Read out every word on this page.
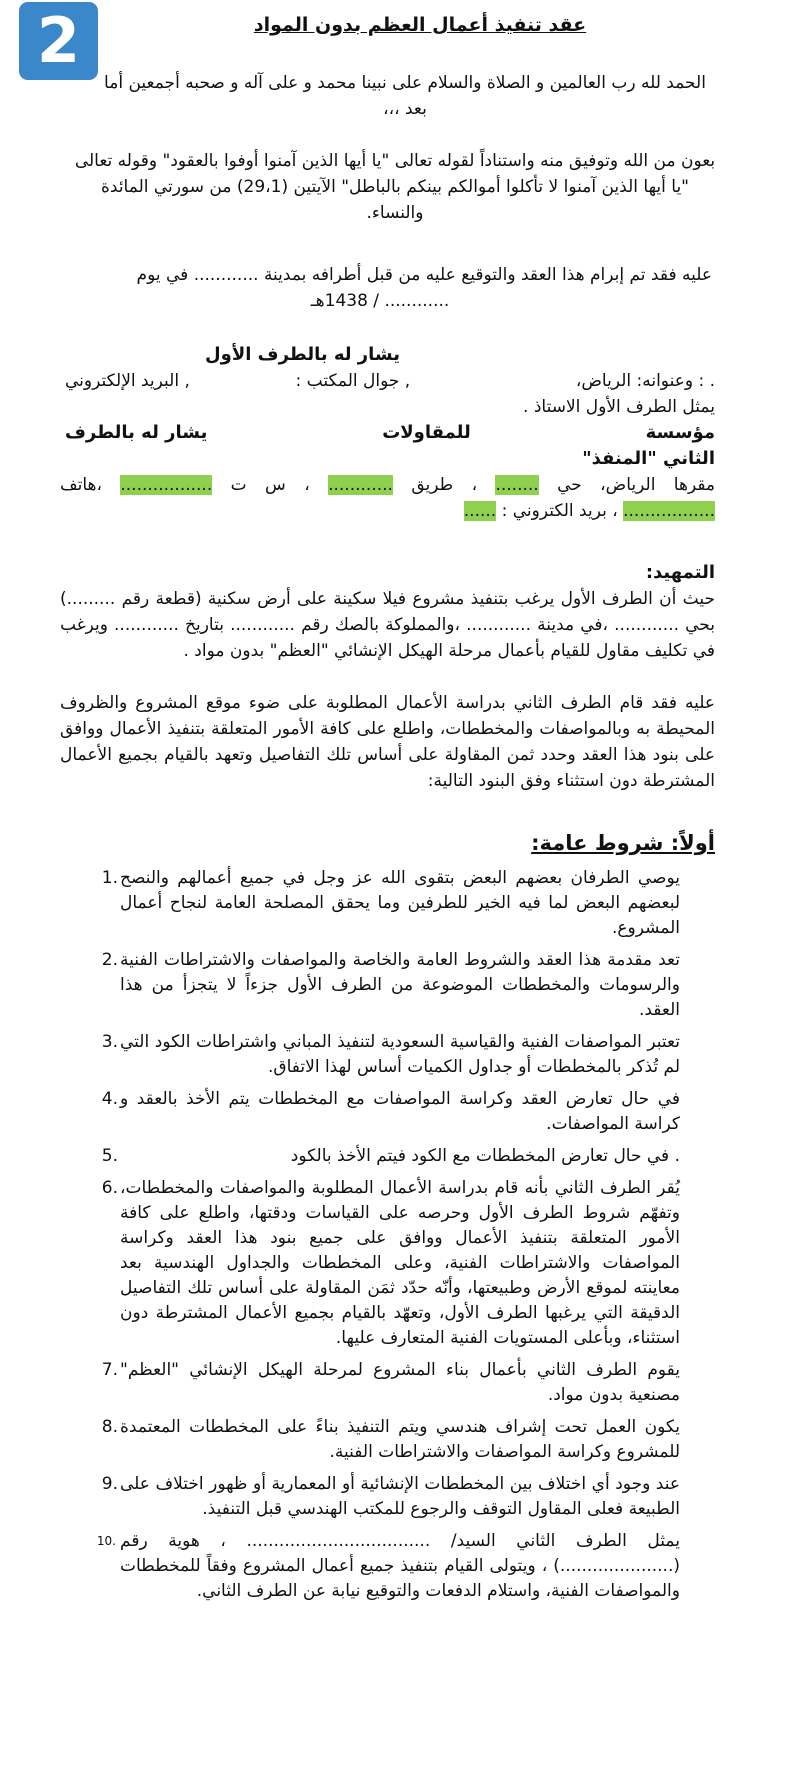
2	عقد تنفيذ أعمال العظم بدون المواد
الحمد لله رب العالمين و الصلاة والسلام على نبينا محمد و على آله و صحبه أجمعين أما بعد ،،،
بعون من الله وتوفيق منه واستناداً لقوله تعالى "يا أيها الذين آمنوا أوفوا بالعقود" وقوله تعالى "يا أيها الذين آمنوا لا تأكلوا أموالكم بينكم بالباطل" الآيتين (29،1) من سورتي المائدة والنساء.
عليه فقد تم إبرام هذا العقد والتوقيع عليه من قبل أطرافه بمدينة ............ في يوم
............ / 1438هـ
يشار له بالطرف الأول
. : وعنوانه: الرياض،
, جوال المكتب :
, البريد الإلكتروني
يمثل الطرف الأول الاستاذ .
مؤسسة
للمقاولات
يشار له بالطرف
الثاني "المنفذ"
مقرها الرياض، حي ........ ، طريق ............ ، س ت ................. ،هاتف
................. ، بريد الكتروني : ......
التمهيد:
حيث أن الطرف الأول يرغب بتنفيذ مشروع فيلا سكينة على أرض سكنية (قطعة رقم .........) بحي ............ ،في مدينة ............ ،والمملوكة بالصك رقم ............ بتاريخ ............ ويرغب في تكليف مقاول للقيام بأعمال مرحلة الهيكل الإنشائي "العظم" بدون مواد .
عليه فقد قام الطرف الثاني بدراسة الأعمال المطلوبة على ضوء موقع المشروع والظروف المحيطة به وبالمواصفات والمخططات، واطلع على كافة الأمور المتعلقة بتنفيذ الأعمال ووافق على بنود هذا العقد وحدد ثمن المقاولة على أساس تلك التفاصيل وتعهد بالقيام بجميع الأعمال المشترطة دون استثناء وفق البنود التالية:
أولاً: شروط عامة:
1. يوصي الطرفان بعضهم البعض بتقوى الله عز وجل في جميع أعمالهم والنصح لبعضهم البعض لما فيه الخير للطرفين وما يحقق المصلحة العامة لنجاح أعمال المشروع.
2. تعد مقدمة هذا العقد والشروط العامة والخاصة والمواصفات والاشتراطات الفنية والرسومات والمخططات الموضوعة من الطرف الأول جزءاً لا يتجزأ من هذا العقد.
3. تعتبر المواصفات الفنية والقياسية السعودية لتنفيذ المباني واشتراطات الكود التي لم تُذكر بالمخططات أو جداول الكميات أساس لهذا الاتفاق.
4. في حال تعارض العقد وكراسة المواصفات مع المخططات يتم الأخذ بالعقد و كراسة المواصفات.
5.	. في حال تعارض المخططات مع الكود فيتم الأخذ بالكود
6. يُقر الطرف الثاني بأنه قام بدراسة الأعمال المطلوبة والمواصفات والمخططات، وتفهّم شروط الطرف الأول وحرصه على القياسات ودقتها، واطلع على كافة الأمور المتعلقة بتنفيذ الأعمال ووافق على جميع بنود هذا العقد وكراسة المواصفات والاشتراطات الفنية، وعلى المخططات والجداول الهندسية بعد معاينته لموقع الأرض وطبيعتها، وأنّه حدّد ثمَن المقاولة على أساس تلك التفاصيل الدقيقة التي يرغبها الطرف الأول، وتعهّد بالقيام بجميع الأعمال المشترطة دون استثناء، وبأعلى المستويات الفنية المتعارف عليها.
7. يقوم الطرف الثاني بأعمال بناء المشروع لمرحلة الهيكل الإنشائي "العظم" مصنعية بدون مواد.
8. يكون العمل تحت إشراف هندسي ويتم التنفيذ بناءً على المخططات المعتمدة للمشروع وكراسة المواصفات والاشتراطات الفنية.
9. عند وجود أي اختلاف بين المخططات الإنشائية أو المعمارية أو ظهور اختلاف على الطبيعة فعلى المقاول التوقف والرجوع للمكتب الهندسي قبل التنفيذ.
10. يمثل الطرف الثاني السيد/ .................................. ، هوية رقم (.....................) ، ويتولى القيام بتنفيذ جميع أعمال المشروع وفقاً للمخططات والمواصفات الفنية، واستلام الدفعات والتوقيع نيابة عن الطرف الثاني.
